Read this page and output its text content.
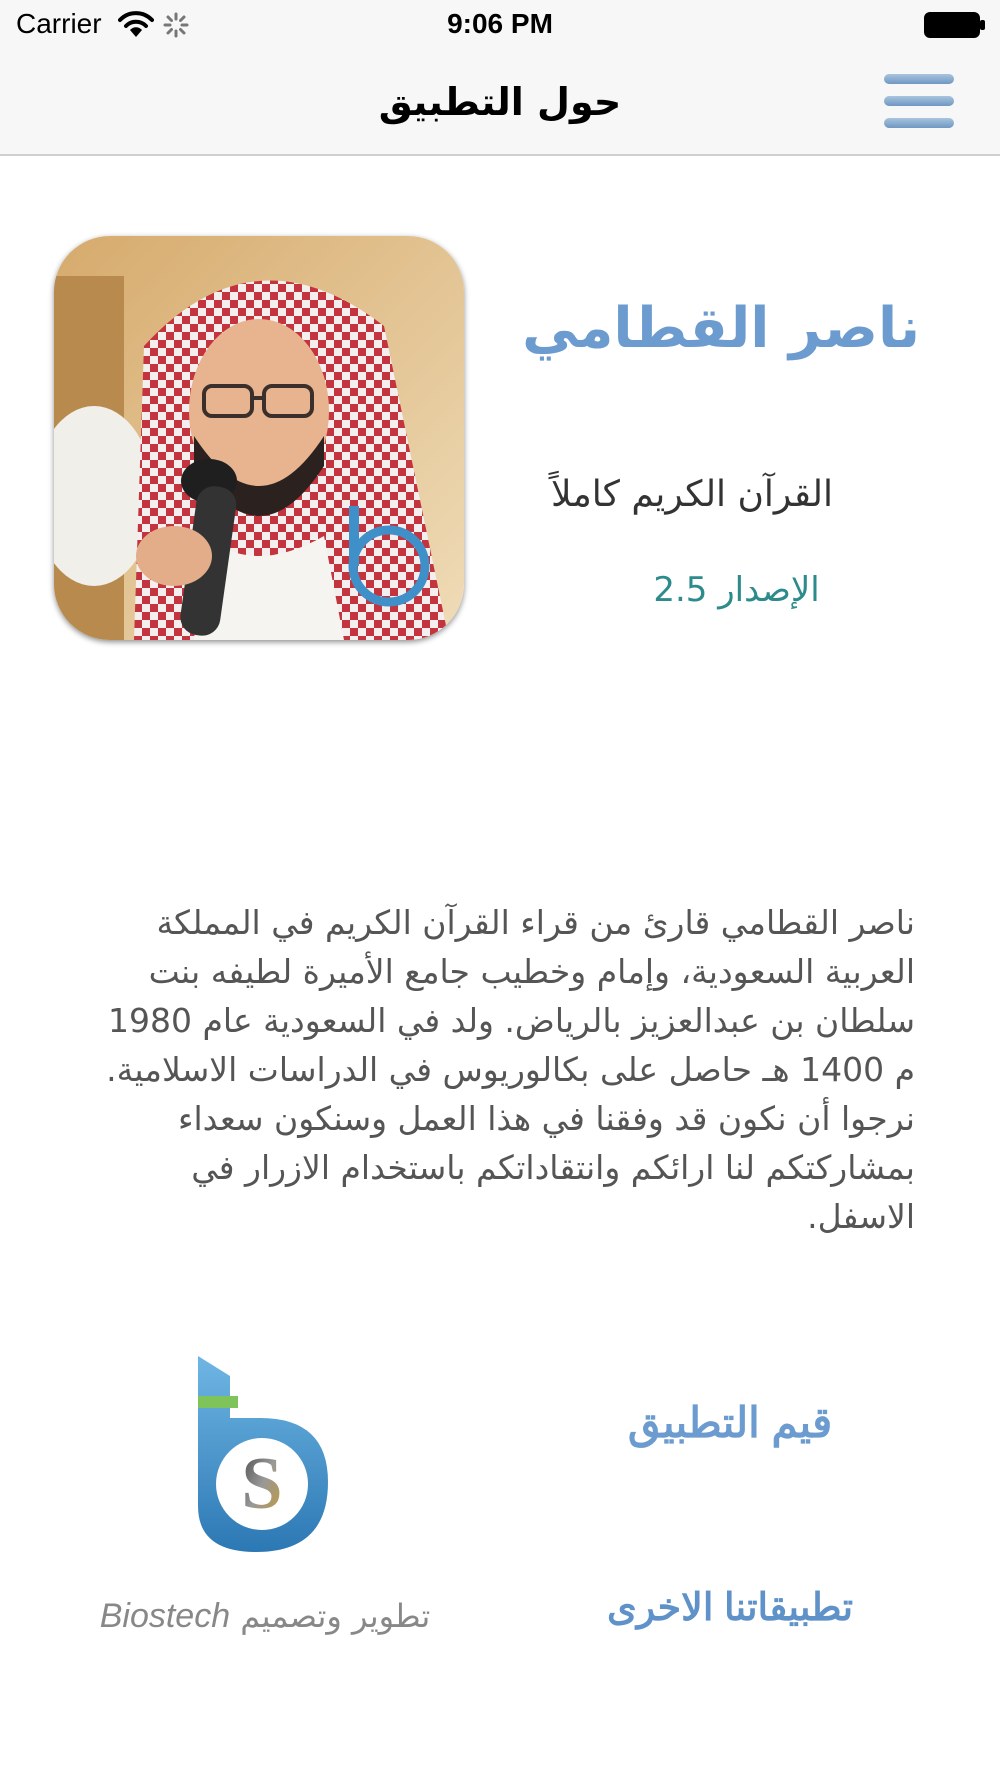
Carrier	9:06 PM
حول التطبيق
ناصر القطامي
القرآن الكريم كاملاً
2.5 الإصدار
ناصر القطامي قارئ من قراء القرآن الكريم في المملكة العربية السعودية، وإمام وخطيب جامع الأميرة لطيفه بنت سلطان بن عبدالعزيز بالرياض. ولد في السعودية عام 1980 م 1400 هـ حاصل على بكالوريوس في الدراسات الاسلامية. نرجوا أن نكون قد وفقنا في هذا العمل وسنكون سعداء بمشاركتكم لنا ارائكم وانتقاداتكم باستخدام الازرار في الاسفل.
S
تطوير وتصميم Biostech
قيم التطبيق
تطبيقاتنا الاخرى
